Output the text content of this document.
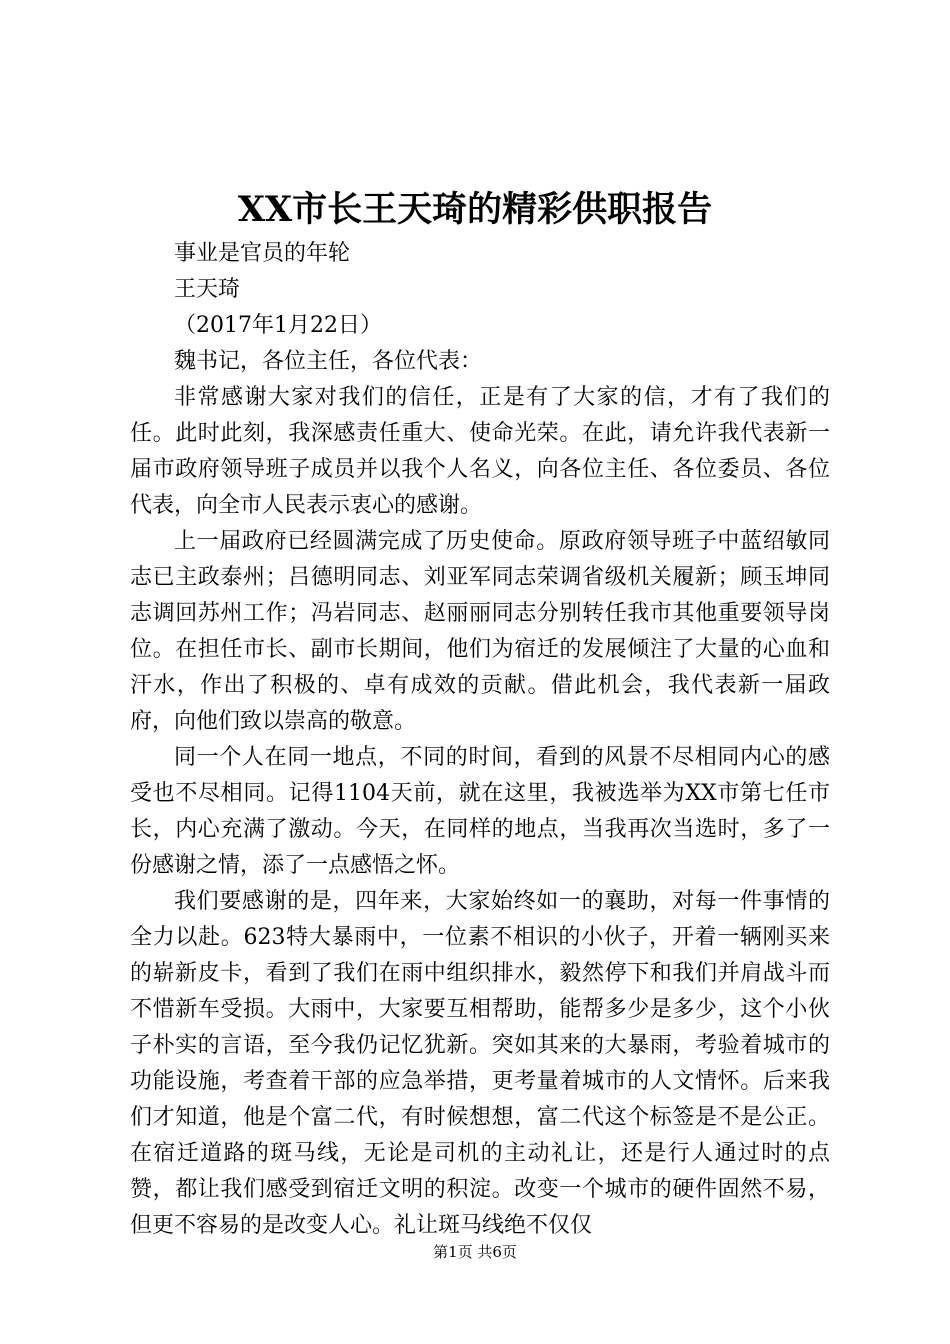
XX市长王天琦的精彩供职报告

事业是官员的年轮

王天琦

（2017年1月22日）

魏书记，各位主任，各位代表：

非常感谢大家对我们的信任，正是有了大家的信，才有了我们的任。此时此刻，我深感责任重大、使命光荣。在此，请允许我代表新一届市政府领导班子成员并以我个人名义，向各位主任、各位委员、各位代表，向全市人民表示衷心的感谢。

上一届政府已经圆满完成了历史使命。原政府领导班子中蓝绍敏同志已主政泰州；吕德明同志、刘亚军同志荣调省级机关履新；顾玉坤同志调回苏州工作；冯岩同志、赵丽丽同志分别转任我市其他重要领导岗位。在担任市长、副市长期间，他们为宿迁的发展倾注了大量的心血和汗水，作出了积极的、卓有成效的贡献。借此机会，我代表新一届政府，向他们致以崇高的敬意。

同一个人在同一地点，不同的时间，看到的风景不尽相同内心的感受也不尽相同。记得1104天前，就在这里，我被选举为XX市第七任市长，内心充满了激动。今天，在同样的地点，当我再次当选时，多了一份感谢之情，添了一点感悟之怀。

我们要感谢的是，四年来，大家始终如一的襄助，对每一件事情的全力以赴。623特大暴雨中，一位素不相识的小伙子，开着一辆刚买来的崭新皮卡，看到了我们在雨中组织排水，毅然停下和我们并肩战斗而不惜新车受损。大雨中，大家要互相帮助，能帮多少是多少，这个小伙子朴实的言语，至今我仍记忆犹新。突如其来的大暴雨，考验着城市的功能设施，考查着干部的应急举措，更考量着城市的人文情怀。后来我们才知道，他是个富二代，有时候想想，富二代这个标签是不是公正。在宿迁道路的斑马线，无论是司机的主动礼让，还是行人通过时的点赞，都让我们感受到宿迁文明的积淀。改变一个城市的硬件固然不易，但更不容易的是改变人心。礼让斑马线绝不仅仅

第1页 共6页
